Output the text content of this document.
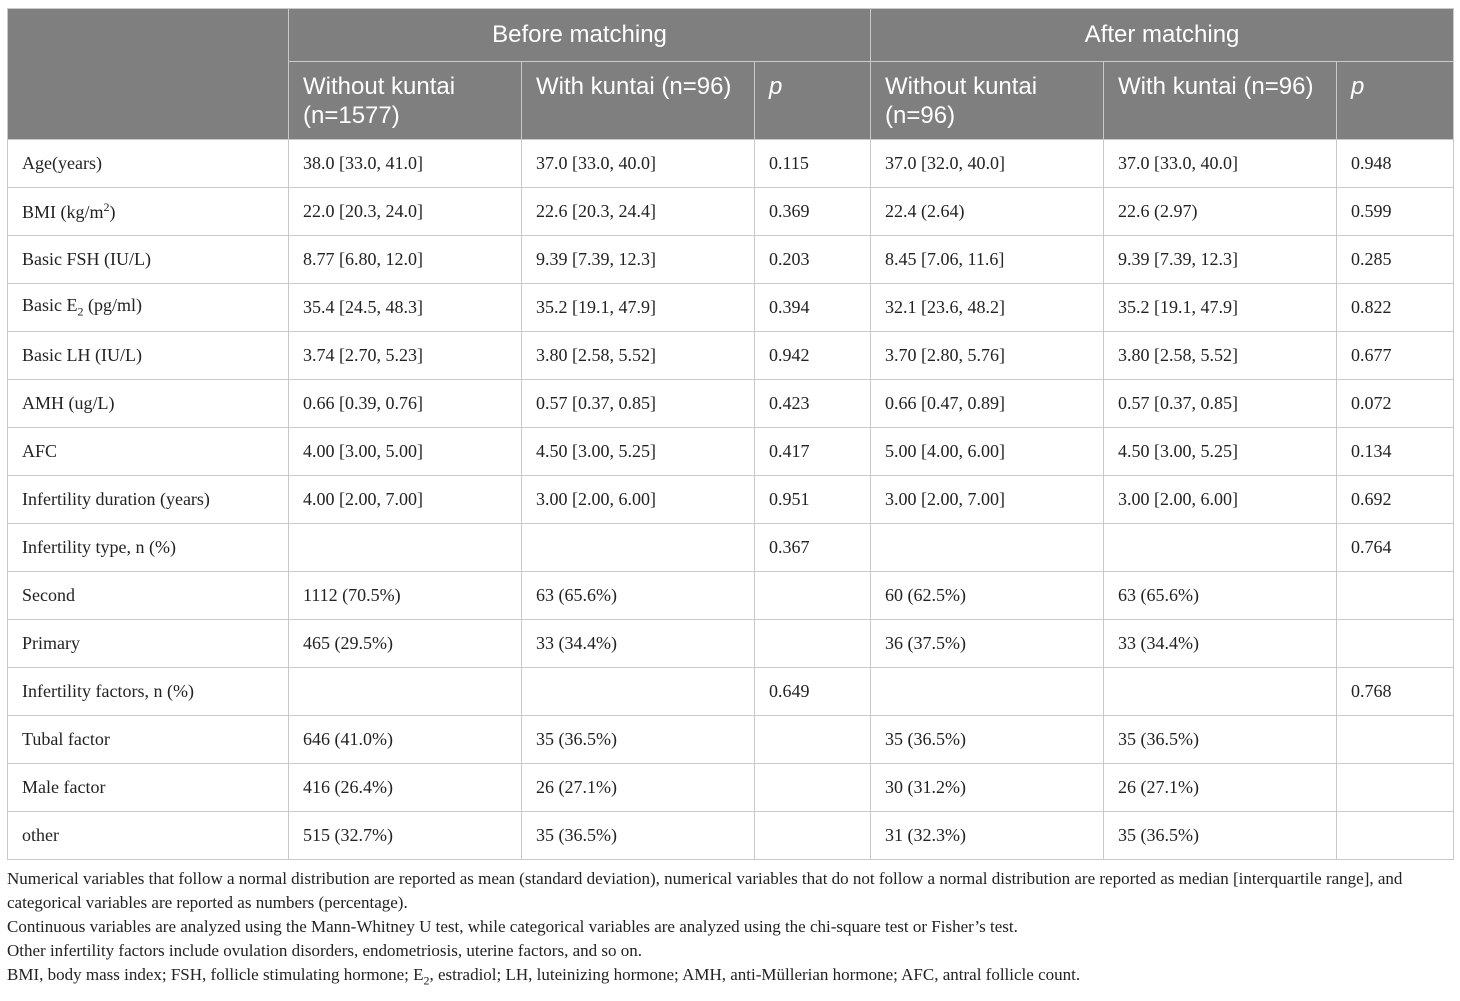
	Before matching			After matching		
	Without kuntai (n=1577)	With kuntai (n=96)	p	Without kuntai (n=96)	With kuntai (n=96)	p
Age(years)	38.0 [33.0, 41.0]	37.0 [33.0, 40.0]	0.115	37.0 [32.0, 40.0]	37.0 [33.0, 40.0]	0.948
BMI $(kg/m^2)$	22.0 [20.3, 24.0]	22.6 [20.3, 24.4]	0.369	22.4 (2.64)	22.6 (2.97)	0.599
Basic FSH (IU/L)	8.77 [6.80, 12.0]	9.39 [7.39, 12.3]	0.203	8.45 [7.06, 11.6]	9.39 [7.39, 12.3]	0.285
Basic $E_2$ (pg/ml)	35.4 [24.5, 48.3]	35.2 [19.1, 47.9]	0.394	32.1 [23.6, 48.2]	35.2 [19.1, 47.9]	0.822
Basic LH (IU/L)	3.74 [2.70, 5.23]	3.80 [2.58, 5.52]	0.942	3.70 [2.80, 5.76]	3.80 [2.58, 5.52]	0.677
AMH (ug/L)	0.66 [0.39, 0.76]	0.57 [0.37, 0.85]	0.423	0.66 [0.47, 0.89]	0.57 [0.37, 0.85]	0.072
AFC	4.00 [3.00, 5.00]	4.50 [3.00, 5.25]	0.417	5.00 [4.00, 6.00]	4.50 [3.00, 5.25]	0.134
Infertility duration (years)	4.00 [2.00, 7.00]	3.00 [2.00, 6.00]	0.951	3.00 [2.00, 7.00]	3.00 [2.00, 6.00]	0.692
Infertility type, n (%)			0.367			0.764
Second	1112 (70.5%)	63 (65.6%)		60 (62.5%)	63 (65.6%)	
Primary	465 (29.5%)	33 (34.4%)		36 (37.5%)	33 (34.4%)	
Infertility factors, n (%)			0.649			0.768
Tubal factor	646 (41.0%)	35 (36.5%)		35 (36.5%)	35 (36.5%)	
Male factor	416 (26.4%)	26 (27.1%)		30 (31.2%)	26 (27.1%)	
other	515 (32.7%)	35 (36.5%)		31 (32.3%)	35 (36.5%)	

Numerical variables that follow a normal distribution are reported as mean (standard deviation), numerical variables that do not follow a normal distribution are reported as median [interquartile range], and categorical variables are reported as numbers (percentage).

Continuous variables are analyzed using the Mann-Whitney U test, while categorical variables are analyzed using the chi-square test or Fisher’s test.

Other infertility factors include ovulation disorders, endometriosis, uterine factors, and so on.

BMI, body mass index; FSH, follicle stimulating hormone; $E_2$, estradiol; LH, luteinizing hormone; AMH, anti-Müllerian hormone; AFC, antral follicle count.
